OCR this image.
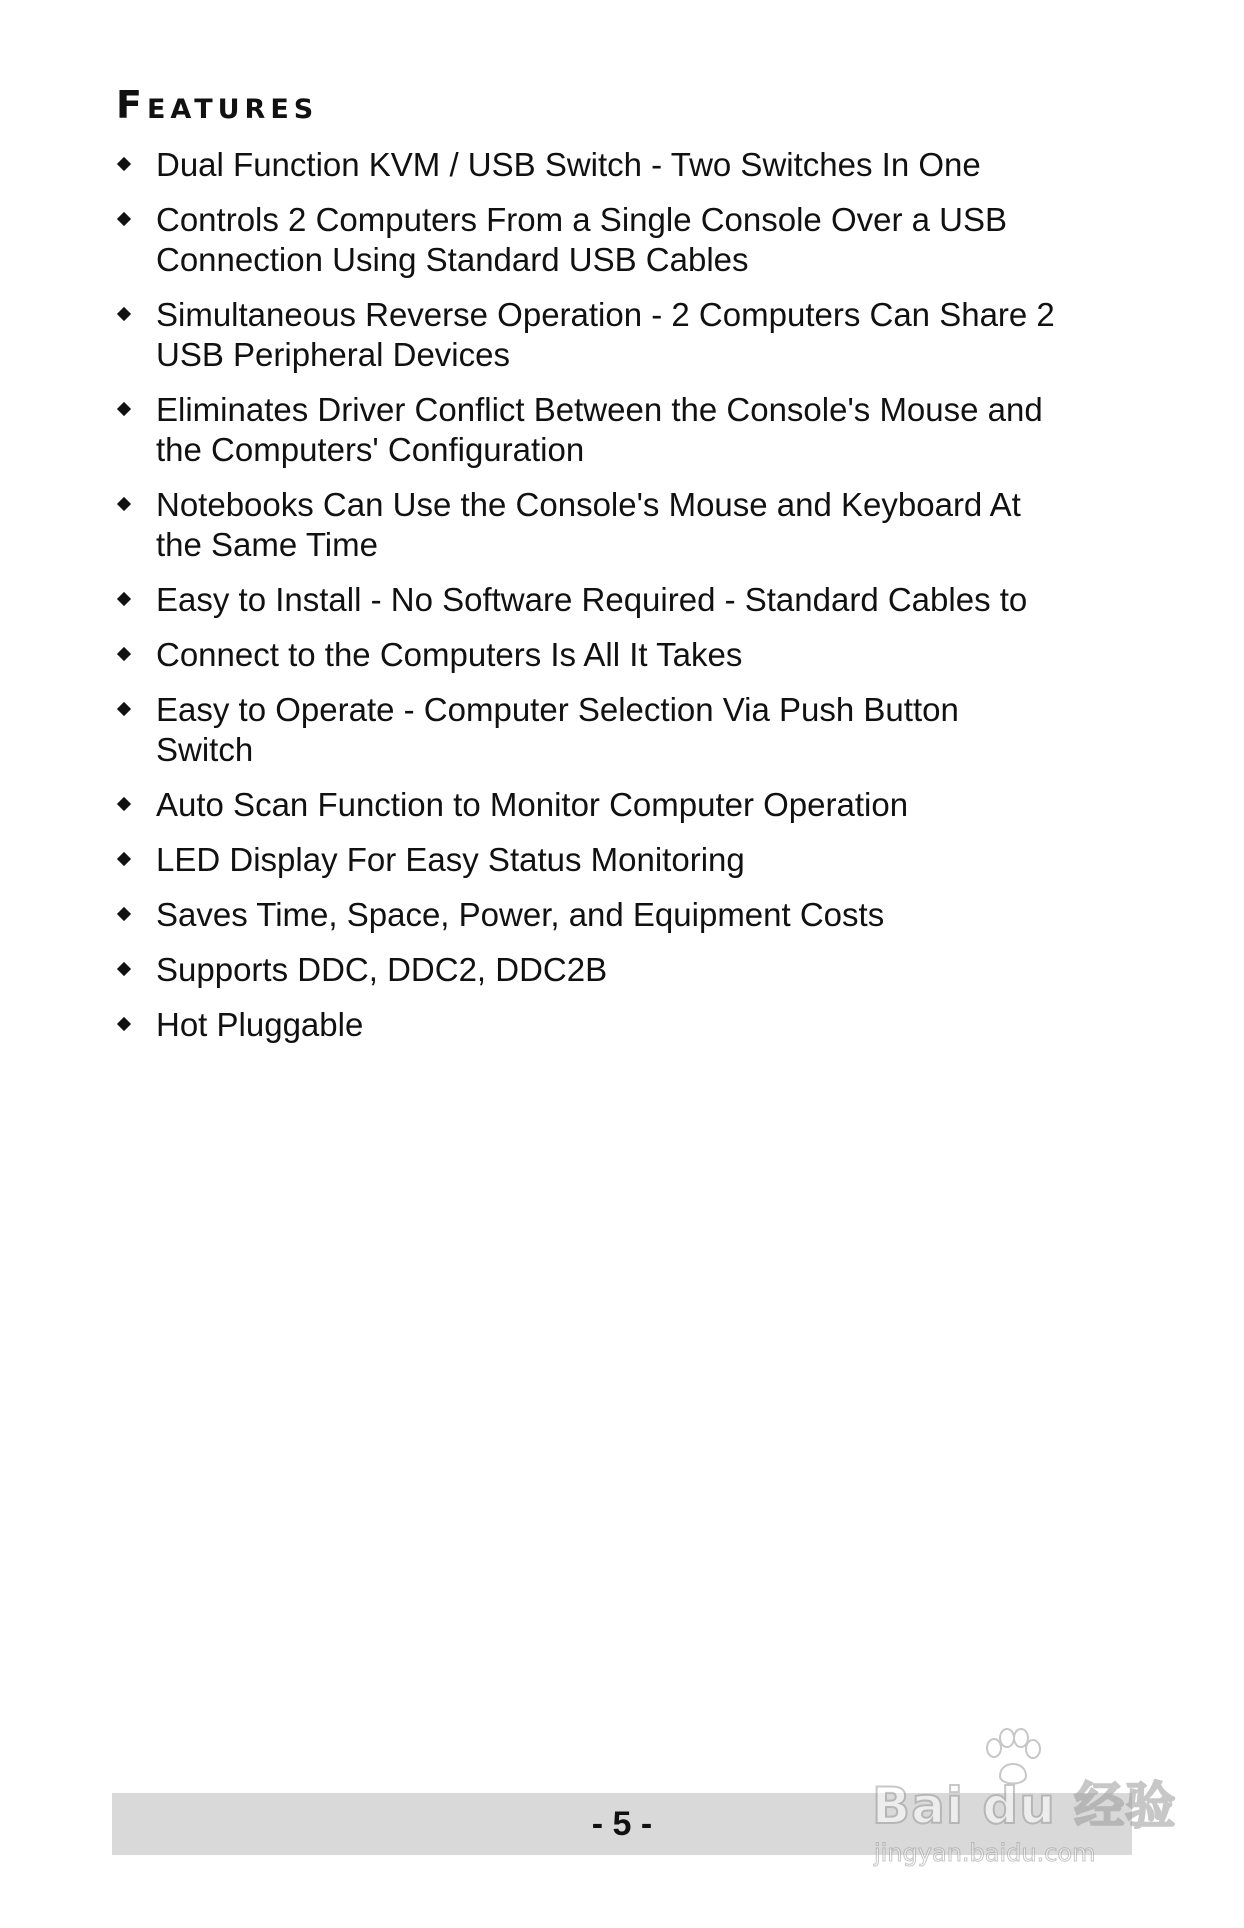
Features
Dual Function KVM / USB Switch - Two Switches In One
Controls 2 Computers From a Single Console Over a USB
Connection Using Standard USB Cables
Simultaneous Reverse Operation - 2 Computers Can Share 2
USB Peripheral Devices
Eliminates Driver Conflict Between the Console's Mouse and
the Computers' Configuration
Notebooks Can Use the Console's Mouse and Keyboard At
the Same Time
Easy to Install - No Software Required - Standard Cables to
Connect to the Computers Is All It Takes
Easy to Operate - Computer Selection Via Push Button
Switch
Auto Scan Function to Monitor Computer Operation
LED Display For Easy Status Monitoring
Saves Time, Space, Power, and Equipment Costs
Supports DDC, DDC2, DDC2B
Hot Pluggable
- 5 -	Bai du 经验
jingyan.baidu.com
